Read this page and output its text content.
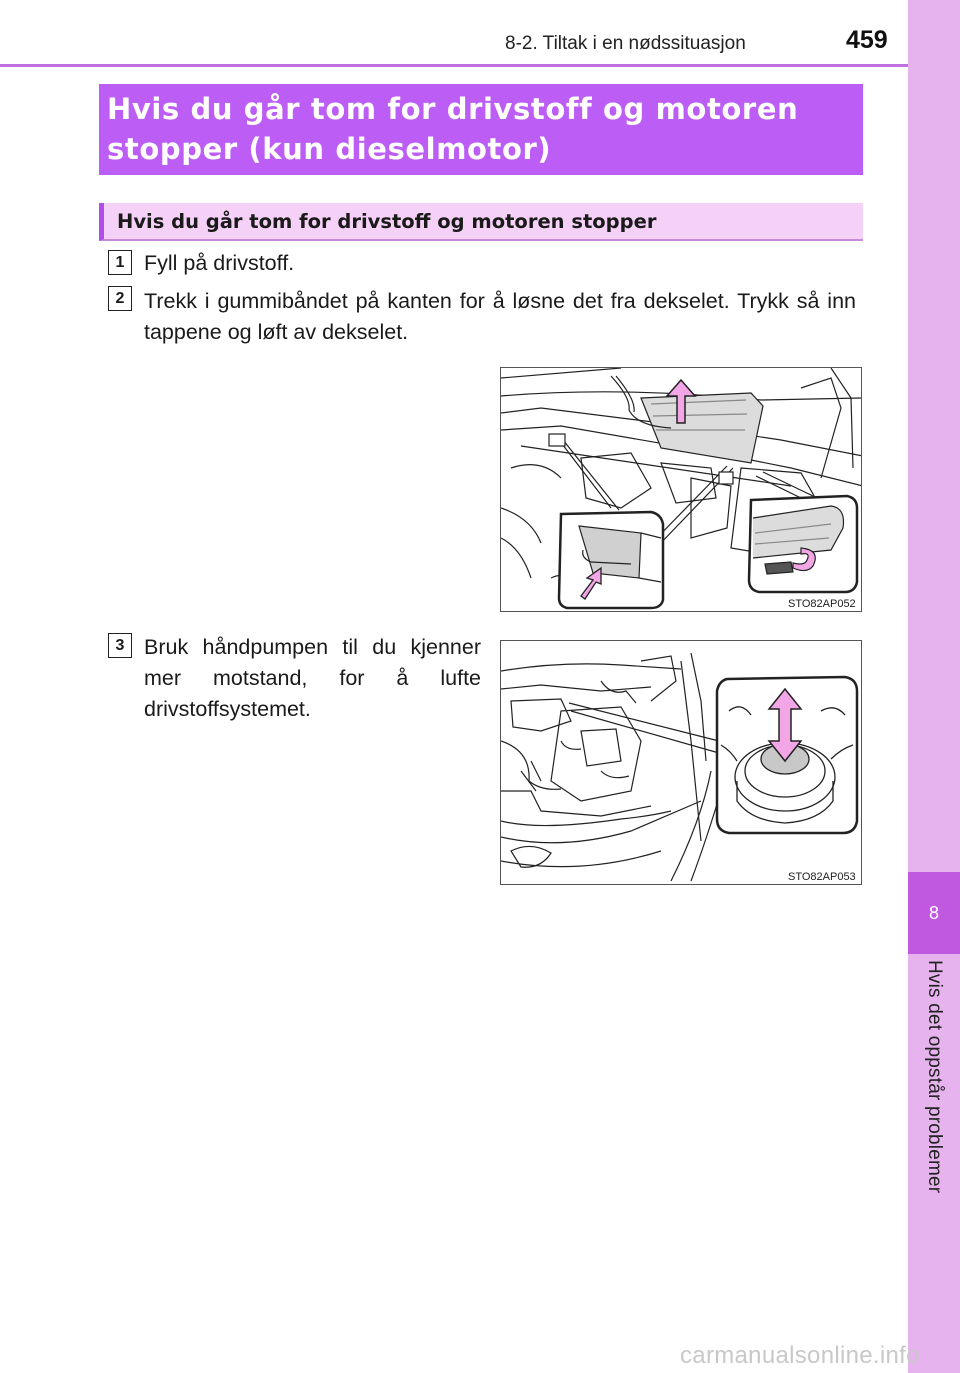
8
Hvis det oppstår problemer
8-2. Tiltak i en nødssituasjon	459
Hvis du går tom for drivstoff og motoren
stopper (kun dieselmotor)
Hvis du går tom for drivstoff og motoren stopper
1 Fyll på drivstoff.
2 Trekk i gummibåndet på kanten for å løsne det fra dekselet. Trykk så inn tappene og løft av dekselet.
STO82AP052
3 Bruk håndpumpen til du kjenner mer motstand, for å lufte drivstoffsystemet.
STO82AP053
carmanualsonline.info
